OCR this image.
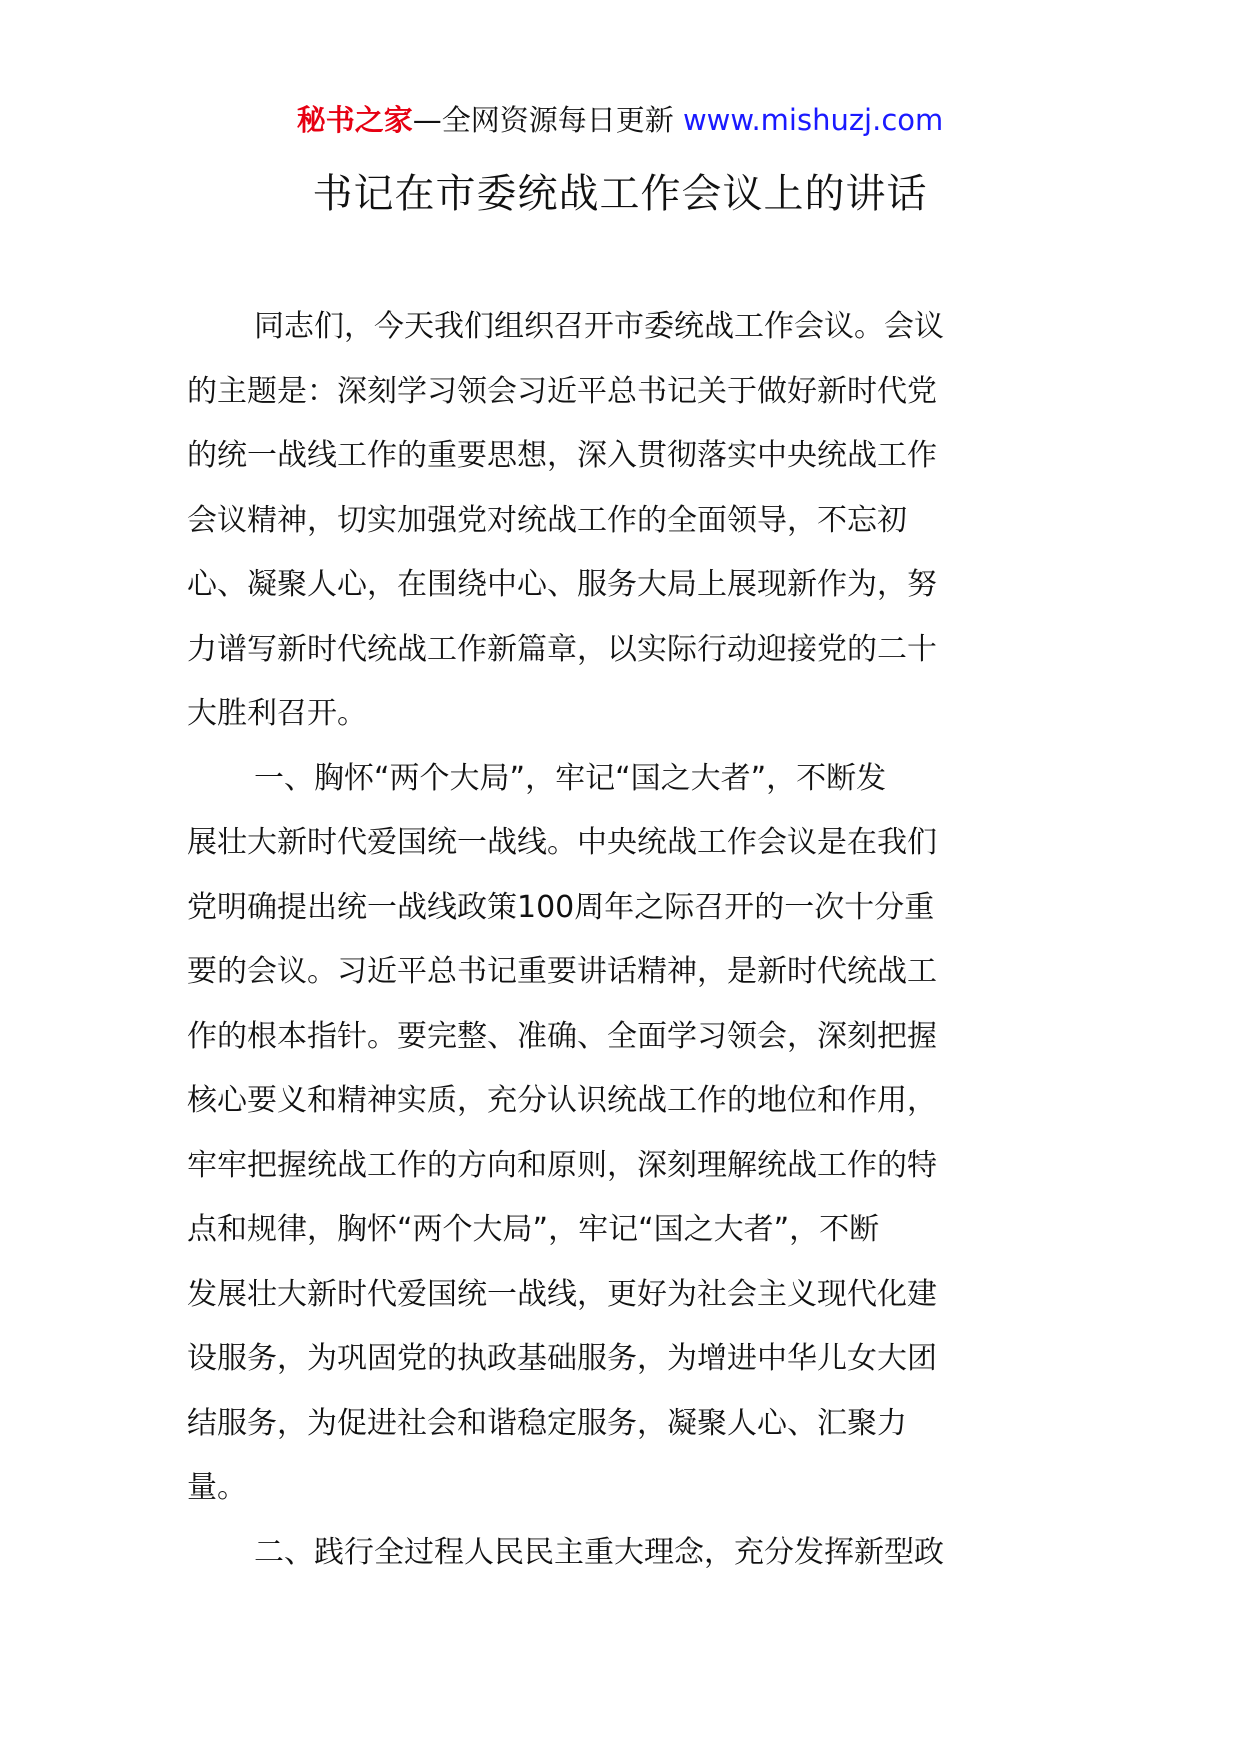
秘书之家—全网资源每日更新 www.mishuzj.com
书记在市委统战工作会议上的讲话
同志们，今天我们组织召开市委统战工作会议。会议
的主题是：深刻学习领会习近平总书记关于做好新时代党
的统一战线工作的重要思想，深入贯彻落实中央统战工作
会议精神，切实加强党对统战工作的全面领导，不忘初
心、凝聚人心，在围绕中心、服务大局上展现新作为，努
力谱写新时代统战工作新篇章，以实际行动迎接党的二十
大胜利召开。
一、胸怀“两个大局”，牢记“国之大者”，不断发
展壮大新时代爱国统一战线。中央统战工作会议是在我们
党明确提出统一战线政策100周年之际召开的一次十分重
要的会议。习近平总书记重要讲话精神，是新时代统战工
作的根本指针。要完整、准确、全面学习领会，深刻把握
核心要义和精神实质，充分认识统战工作的地位和作用，
牢牢把握统战工作的方向和原则，深刻理解统战工作的特
点和规律，胸怀“两个大局”，牢记“国之大者”，不断
发展壮大新时代爱国统一战线，更好为社会主义现代化建
设服务，为巩固党的执政基础服务，为增进中华儿女大团
结服务，为促进社会和谐稳定服务，凝聚人心、汇聚力
量。
二、践行全过程人民民主重大理念，充分发挥新型政
